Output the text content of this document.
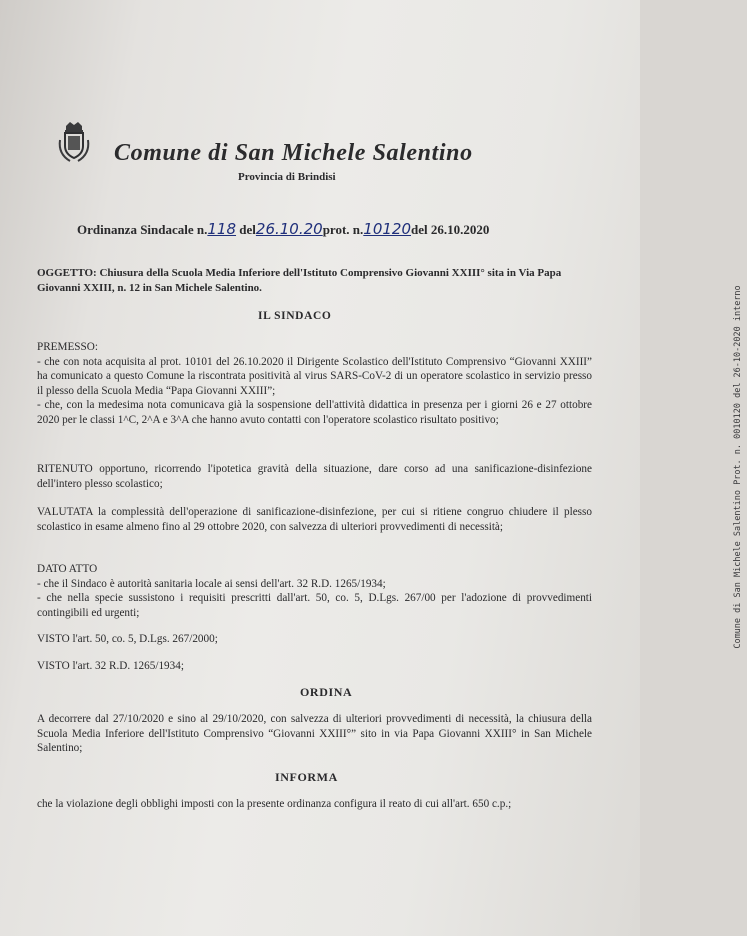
Comune di San Michele Salentino
Provincia di Brindisi
Ordinanza Sindacale n.118 del26.10.20prot. n.10120del 26.10.2020
OGGETTO: Chiusura della Scuola Media Inferiore dell'Istituto Comprensivo Giovanni XXIII° sita in Via Papa Giovanni XXIII, n. 12 in San Michele Salentino.
IL SINDACO

PREMESSO:

- che con nota acquisita al prot. 10101 del 26.10.2020 il Dirigente Scolastico dell'Istituto Comprensivo “Giovanni XXIII” ha comunicato a questo Comune la riscontrata positività al virus SARS-CoV-2 di un operatore scolastico in servizio presso il plesso della Scuola Media “Papa Giovanni XXIII”;

- che, con la medesima nota comunicava già la sospensione dell'attività didattica in presenza per i giorni 26 e 27 ottobre 2020 per le classi 1^C, 2^A e 3^A che hanno avuto contatti con l'operatore scolastico risultato positivo;

RITENUTO opportuno, ricorrendo l'ipotetica gravità della situazione, dare corso ad una sanificazione-disinfezione dell'intero plesso scolastico;
VALUTATA la complessità dell'operazione di sanificazione-disinfezione, per cui si ritiene congruo chiudere il plesso scolastico in esame almeno fino al 29 ottobre 2020, con salvezza di ulteriori provvedimenti di necessità;

DATO ATTO

- che il Sindaco è autorità sanitaria locale ai sensi dell'art. 32 R.D. 1265/1934;

- che nella specie sussistono i requisiti prescritti dall'art. 50, co. 5, D.Lgs. 267/00 per l'adozione di provvedimenti contingibili ed urgenti;

VISTO l'art. 50, co. 5, D.Lgs. 267/2000;
VISTO l'art. 32 R.D. 1265/1934;
ORDINA
A decorrere dal 27/10/2020 e sino al 29/10/2020, con salvezza di ulteriori provvedimenti di necessità, la chiusura della Scuola Media Inferiore dell'Istituto Comprensivo “Giovanni XXIII°” sito in via Papa Giovanni XXIII° in San Michele Salentino;
INFORMA
che la violazione degli obblighi imposti con la presente ordinanza configura il reato di cui all'art. 650 c.p.;
Comune di San Michele Salentino Prot. n. 0010120 del 26-10-2020 interno
